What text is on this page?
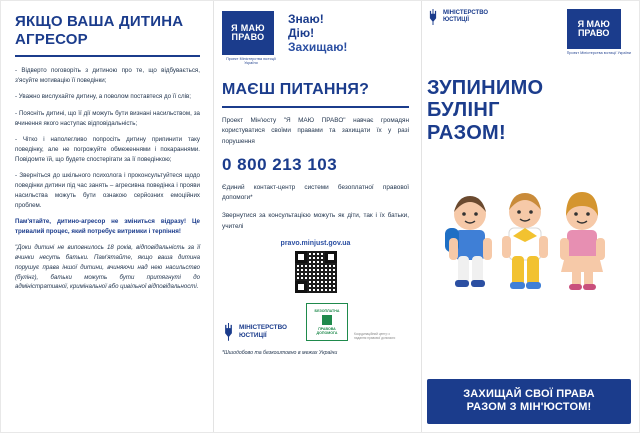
ЯКЩО ВАША ДИТИНА АГРЕСОР

- Відверто поговоріть з дитиною про те, що відбувається, з'ясуйте мотивацію її поведінки;

- Уважно вислухайте дитину, а поволом поставтеся до її слів;

- Поясніть дитині, що її дії можуть бути визнані насильством, за вчинення якого наступає відповідальність;

- Чітко і наполегливо попросіть дитину припинити таку поведінку, але не погрожуйте обмеженнями і покараннями. Повідомте їй, що будете спостерігати за її поведінкою;

- Зверніться до шкільного психолога і проконсультуйтеся щодо поведінки дитини під час занять – агресивна поведінка і прояви насильства можуть бути ознакою серйозних емоційних проблем.

Пам'ятайте, дитино-агресор не зміниться відразу! Це тривалий процес, який потребує витримки і терпіння!

"Доки дитині не виповнилось 18 років, відповідальність за її вчинки несуть батьки. Пам'ятайте, якщо ваша дитина порушує права іншої дитини, вчиняючи над нею насильство (булінг), батьки можуть бути притягнуті до адміністративної, кримінальної або цивільної відповідальності.
Я МАЮ
ПРАВО
Проект Міністерства юстиції України
Знаю!
Дію!
Захищаю!
МАЄШ ПИТАННЯ?

Проект Мін'юсту "Я МАЮ ПРАВО" навчає громадян користуватися своїми правами та захищати їх у разі порушення

0 800 213 103

Єдиний контакт-центр системи безоплатної правової допомоги*

Звернутися за консультацією можуть як діти, так і їх батьки, учителі

pravo.minjust.gov.ua
МІНІСТЕРСТВО
ЮСТИЦІЇ
БЕЗОПЛАТНА
ПРАВОВА
ДОПОМОГА	Координаційний центр з надання правової допомоги
*Шшодобово та безкоштовно в межах України
МІНІСТЕРСТВО
ЮСТИЦІЇ	Я МАЮ
ПРАВО
Проект Міністерства юстиції України
ЗУПИНИМО
БУЛІНГ
РАЗОМ!
ЗАХИЩАЙ СВОЇ ПРАВА
РАЗОМ З МІН'ЮСТОМ!
